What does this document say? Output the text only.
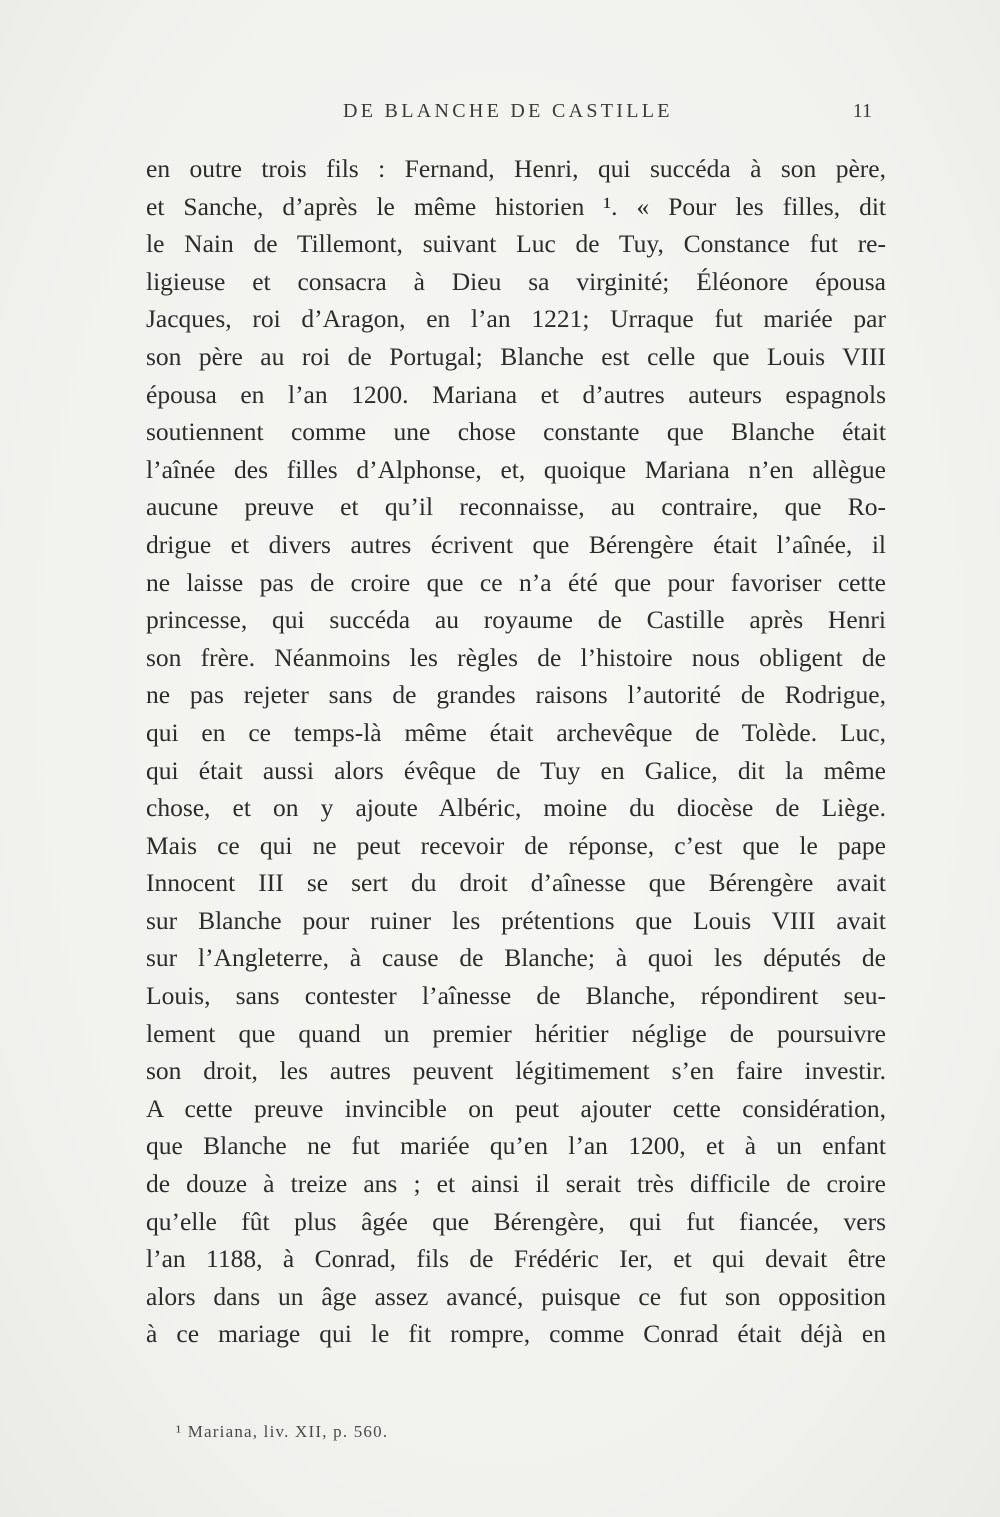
DE BLANCHE DE CASTILLE	11
en outre trois fils : Fernand, Henri, qui succéda à son père,
et Sanche, d’après le même historien ¹. « Pour les filles, dit
le Nain de Tillemont, suivant Luc de Tuy, Constance fut re-
ligieuse et consacra à Dieu sa virginité; Éléonore épousa
Jacques, roi d’Aragon, en l’an 1221; Urraque fut mariée par
son père au roi de Portugal; Blanche est celle que Louis VIII
épousa en l’an 1200. Mariana et d’autres auteurs espagnols
soutiennent comme une chose constante que Blanche était
l’aînée des filles d’Alphonse, et, quoique Mariana n’en allègue
aucune preuve et qu’il reconnaisse, au contraire, que Ro-
drigue et divers autres écrivent que Bérengère était l’aînée, il
ne laisse pas de croire que ce n’a été que pour favoriser cette
princesse, qui succéda au royaume de Castille après Henri
son frère. Néanmoins les règles de l’histoire nous obligent de
ne pas rejeter sans de grandes raisons l’autorité de Rodrigue,
qui en ce temps-là même était archevêque de Tolède. Luc,
qui était aussi alors évêque de Tuy en Galice, dit la même
chose, et on y ajoute Albéric, moine du diocèse de Liège.
Mais ce qui ne peut recevoir de réponse, c’est que le pape
Innocent III se sert du droit d’aînesse que Bérengère avait
sur Blanche pour ruiner les prétentions que Louis VIII avait
sur l’Angleterre, à cause de Blanche; à quoi les députés de
Louis, sans contester l’aînesse de Blanche, répondirent seu-
lement que quand un premier héritier néglige de poursuivre
son droit, les autres peuvent légitimement s’en faire investir.
A cette preuve invincible on peut ajouter cette considération,
que Blanche ne fut mariée qu’en l’an 1200, et à un enfant
de douze à treize ans ; et ainsi il serait très difficile de croire
qu’elle fût plus âgée que Bérengère, qui fut fiancée, vers
l’an 1188, à Conrad, fils de Frédéric Ier, et qui devait être
alors dans un âge assez avancé, puisque ce fut son opposition
à ce mariage qui le fit rompre, comme Conrad était déjà en
¹ Mariana, liv. XII, p. 560.
